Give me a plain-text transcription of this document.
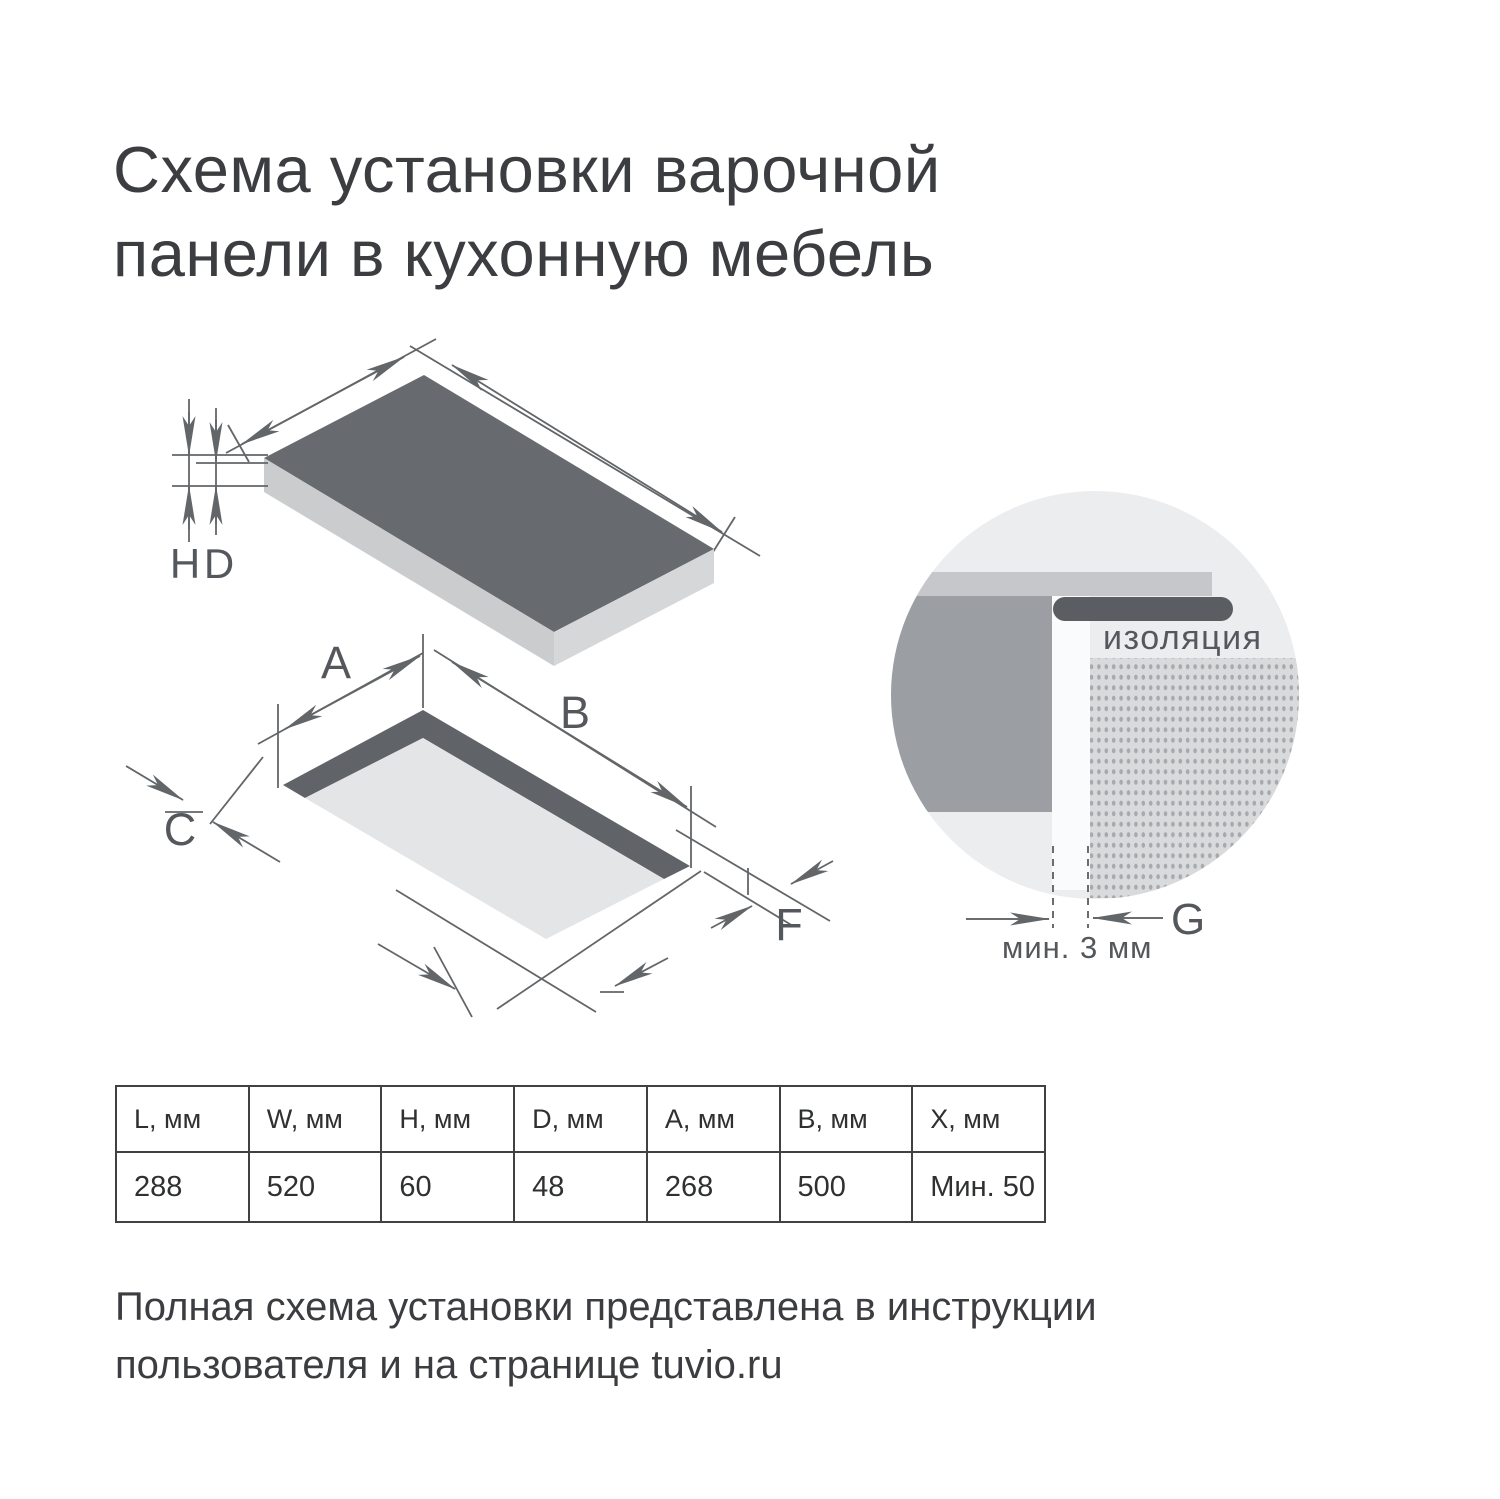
Схема установки варочной
панели в кухонную мебель
H D
A
B
C
F
изоляция
G
мин. 3 мм
L, мм	W, мм	H, мм	D, мм	A, мм	B, мм	X, мм
288	520	60	48	268	500	Мин. 50
Полная схема установки представлена в инструкции
пользователя и на странице tuvio.ru
